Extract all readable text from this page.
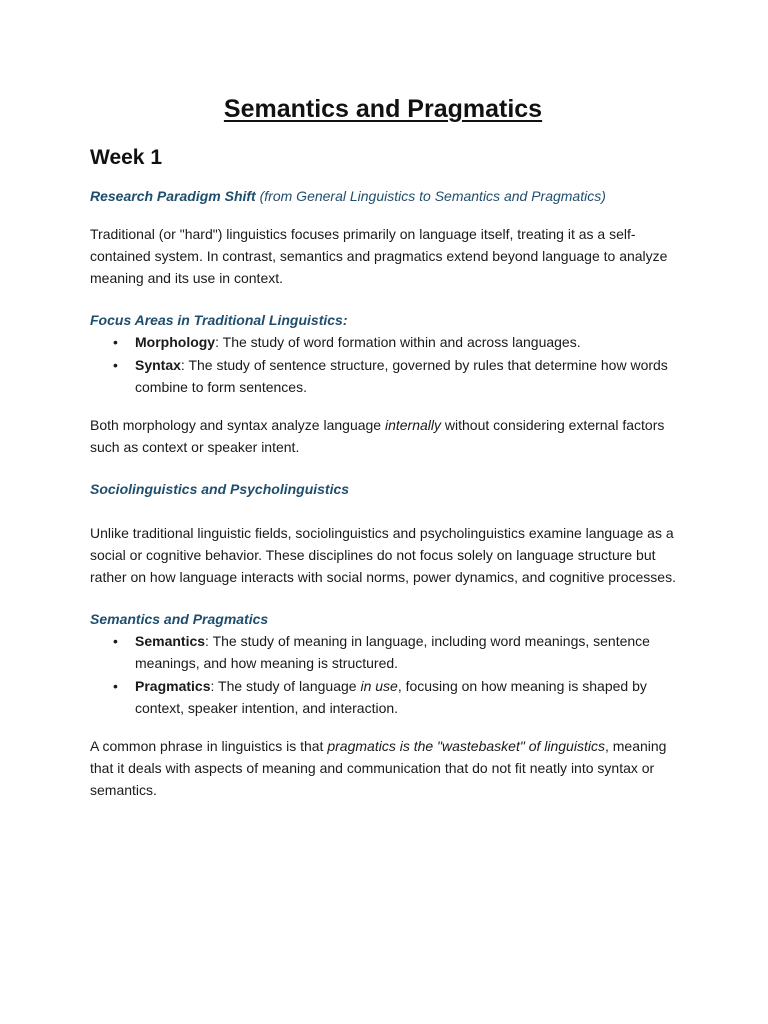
Semantics and Pragmatics
Week 1

Research Paradigm Shift (from General Linguistics to Semantics and Pragmatics)

Traditional (or "hard") linguistics focuses primarily on language itself, treating it as a self-contained system. In contrast, semantics and pragmatics extend beyond language to analyze meaning and its use in context.

Focus Areas in Traditional Linguistics:

• Morphology: The study of word formation within and across languages.
• Syntax: The study of sentence structure, governed by rules that determine how words combine to form sentences.

Both morphology and syntax analyze language internally without considering external factors such as context or speaker intent.

Sociolinguistics and Psycholinguistics

Unlike traditional linguistic fields, sociolinguistics and psycholinguistics examine language as a social or cognitive behavior. These disciplines do not focus solely on language structure but rather on how language interacts with social norms, power dynamics, and cognitive processes.

Semantics and Pragmatics

• Semantics: The study of meaning in language, including word meanings, sentence meanings, and how meaning is structured.
• Pragmatics: The study of language in use, focusing on how meaning is shaped by context, speaker intention, and interaction.

A common phrase in linguistics is that pragmatics is the "wastebasket" of linguistics, meaning that it deals with aspects of meaning and communication that do not fit neatly into syntax or semantics.
